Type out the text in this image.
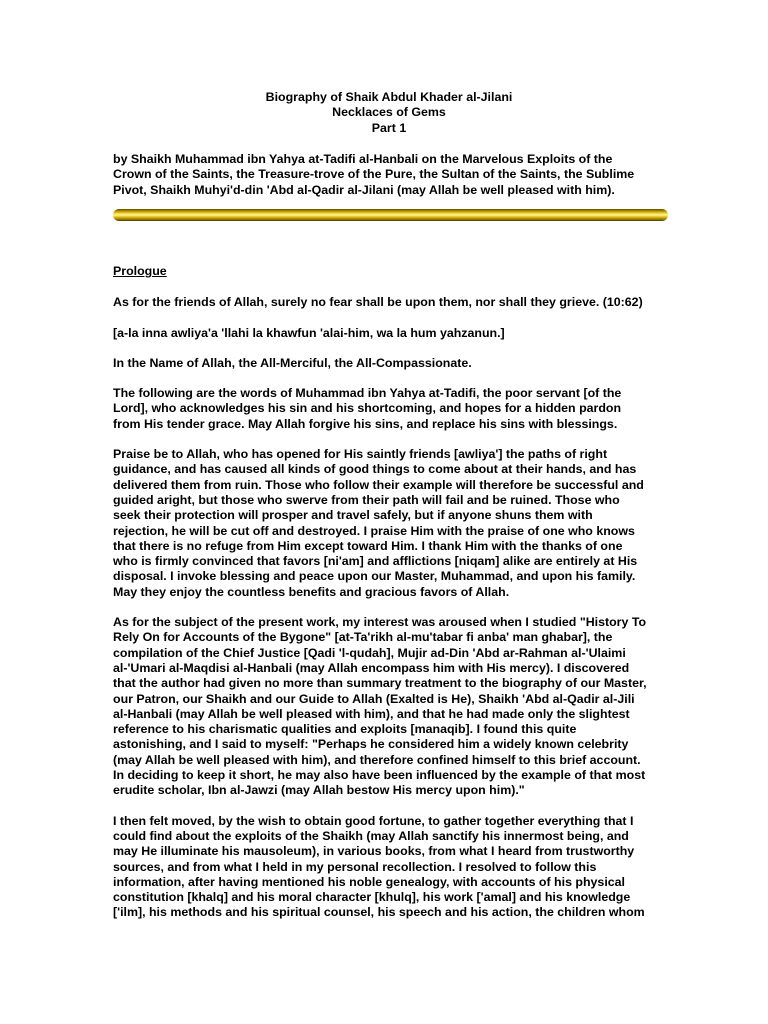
Biography of Shaik Abdul Khader al-Jilani
Necklaces of Gems
Part 1
by Shaikh Muhammad ibn Yahya at-Tadifi al-Hanbali on the Marvelous Exploits of the
Crown of the Saints, the Treasure-trove of the Pure, the Sultan of the Saints, the Sublime
Pivot, Shaikh Muhyi'd-din 'Abd al-Qadir al-Jilani (may Allah be well pleased with him).
Prologue
As for the friends of Allah, surely no fear shall be upon them, nor shall they grieve. (10:62)
[a-la inna awliya'a 'llahi la khawfun 'alai-him, wa la hum yahzanun.]
In the Name of Allah, the All-Merciful, the All-Compassionate.
The following are the words of Muhammad ibn Yahya at-Tadifi, the poor servant [of the
Lord], who acknowledges his sin and his shortcoming, and hopes for a hidden pardon
from His tender grace. May Allah forgive his sins, and replace his sins with blessings.
Praise be to Allah, who has opened for His saintly friends [awliya'] the paths of right
guidance, and has caused all kinds of good things to come about at their hands, and has
delivered them from ruin. Those who follow their example will therefore be successful and
guided aright, but those who swerve from their path will fail and be ruined. Those who
seek their protection will prosper and travel safely, but if anyone shuns them with
rejection, he will be cut off and destroyed. I praise Him with the praise of one who knows
that there is no refuge from Him except toward Him. I thank Him with the thanks of one
who is firmly convinced that favors [ni'am] and afflictions [niqam] alike are entirely at His
disposal. I invoke blessing and peace upon our Master, Muhammad, and upon his family.
May they enjoy the countless benefits and gracious favors of Allah.
As for the subject of the present work, my interest was aroused when I studied "History To
Rely On for Accounts of the Bygone" [at-Ta'rikh al-mu'tabar fi anba' man ghabar], the
compilation of the Chief Justice [Qadi 'l-qudah], Mujir ad-Din 'Abd ar-Rahman al-'Ulaimi
al-'Umari al-Maqdisi al-Hanbali (may Allah encompass him with His mercy). I discovered
that the author had given no more than summary treatment to the biography of our Master,
our Patron, our Shaikh and our Guide to Allah (Exalted is He), Shaikh 'Abd al-Qadir al-Jili
al-Hanbali (may Allah be well pleased with him), and that he had made only the slightest
reference to his charismatic qualities and exploits [manaqib]. I found this quite
astonishing, and I said to myself: "Perhaps he considered him a widely known celebrity
(may Allah be well pleased with him), and therefore confined himself to this brief account.
In deciding to keep it short, he may also have been influenced by the example of that most
erudite scholar, Ibn al-Jawzi (may Allah bestow His mercy upon him)."
I then felt moved, by the wish to obtain good fortune, to gather together everything that I
could find about the exploits of the Shaikh (may Allah sanctify his innermost being, and
may He illuminate his mausoleum), in various books, from what I heard from trustworthy
sources, and from what I held in my personal recollection. I resolved to follow this
information, after having mentioned his noble genealogy, with accounts of his physical
constitution [khalq] and his moral character [khulq], his work ['amal] and his knowledge
['ilm], his methods and his spiritual counsel, his speech and his action, the children whom
